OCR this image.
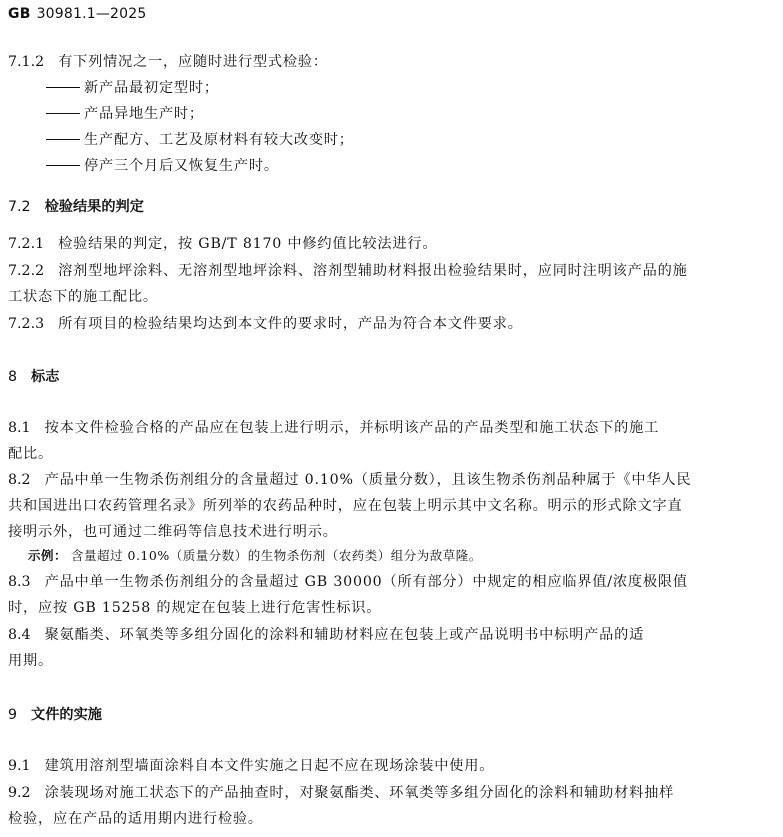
GB 30981.1—2025
7.1.2 有下列情况之一，应随时进行型式检验：
新产品最初定型时；
产品异地生产时；
生产配方、工艺及原材料有较大改变时；
停产三个月后又恢复生产时。
7.2 检验结果的判定
7.2.1 检验结果的判定，按 GB/T 8170 中修约值比较法进行。
7.2.2 溶剂型地坪涂料、无溶剂型地坪涂料、溶剂型辅助材料报出检验结果时，应同时注明该产品的施
工状态下的施工配比。
7.2.3 所有项目的检验结果均达到本文件的要求时，产品为符合本文件要求。
8 标志
8.1 按本文件检验合格的产品应在包装上进行明示，并标明该产品的产品类型和施工状态下的施工
配比。
8.2 产品中单一生物杀伤剂组分的含量超过 0.10%（质量分数），且该生物杀伤剂品种属于《中华人民
共和国进出口农药管理名录》所列举的农药品种时，应在包装上明示其中文名称。明示的形式除文字直
接明示外，也可通过二维码等信息技术进行明示。
示例： 含量超过 0.10%（质量分数）的生物杀伤剂（农药类）组分为敌草隆。
8.3 产品中单一生物杀伤剂组分的含量超过 GB 30000（所有部分）中规定的相应临界值/浓度极限值
时，应按 GB 15258 的规定在包装上进行危害性标识。
8.4 聚氨酯类、环氧类等多组分固化的涂料和辅助材料应在包装上或产品说明书中标明产品的适
用期。
9 文件的实施
9.1 建筑用溶剂型墙面涂料自本文件实施之日起不应在现场涂装中使用。
9.2 涂装现场对施工状态下的产品抽查时，对聚氨酯类、环氧类等多组分固化的涂料和辅助材料抽样
检验，应在产品的适用期内进行检验。
